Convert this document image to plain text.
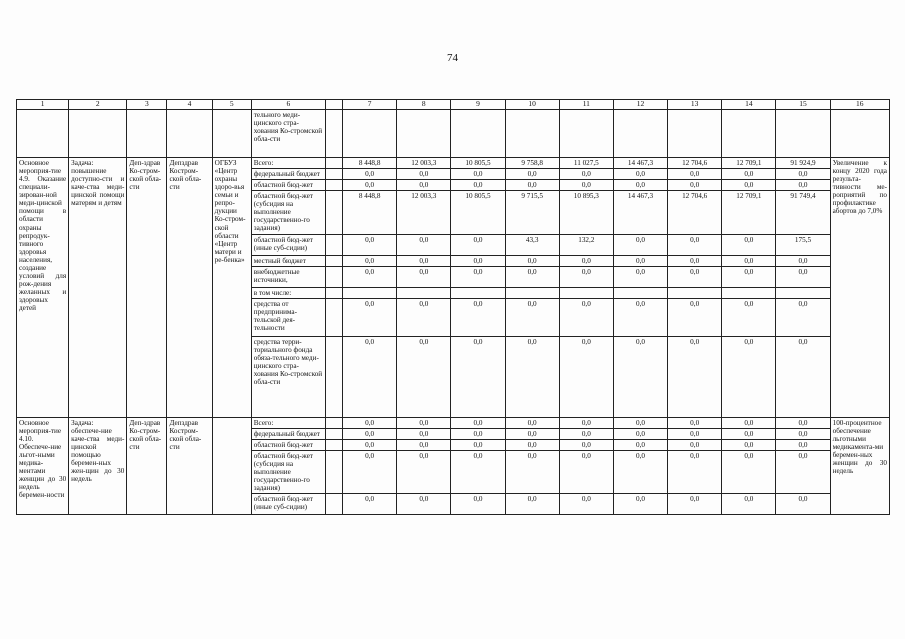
74
1	2	3	4	5	6		7	8	9	10	11	12	13	14	15	16
					тельного меди-цинского стра-хования Ко-стромской обла-сти											
Основное мероприя-тие 4.9. Оказание специали-зирован-ной меди-цинской помощи в области охраны репродук-тивного здоровья населения, создание условий для рож-дения желанных и здоровых детей	Задача: повышение доступно-сти и каче-ства меди-цинской помощи матерям и детям	Деп-здрав Ко-стром-ской обла-сти	Депздрав Костром-ской обла-сти	ОГБУЗ «Центр охраны здоро-вья семьи и репро-дукции Ко-стром-ской области «Центр матери и ре-бенка»	Всего:		8 448,8	12 003,3	10 805,5	9 758,8	11 027,5	14 467,3	12 704,6	12 709,1	91 924,9	Увеличение к концу 2020 года результа-тивности ме-роприятий по профилактике абортов до 7,0%
					федеральный бюджет		0,0	0,0	0,0	0,0	0,0	0,0	0,0	0,0	0,0	
					областной бюд-жет		0,0	0,0	0,0	0,0	0,0	0,0	0,0	0,0	0,0	
					областной бюд-жет (субсидия на выполнение государственно-го задания)		8 448,8	12 003,3	10 805,5	9 715,5	10 895,3	14 467,3	12 704,6	12 709,1	91 749,4	
					областной бюд-жет (иные суб-сидии)		0,0	0,0	0,0	43,3	132,2	0,0	0,0	0,0	175,5	
					местный бюджет		0,0	0,0	0,0	0,0	0,0	0,0	0,0	0,0	0,0	
					внебюджетные источники,		0,0	0,0	0,0	0,0	0,0	0,0	0,0	0,0	0,0	
					в том числе:											
					средства от предпринима-тельской дея-тельности		0,0	0,0	0,0	0,0	0,0	0,0	0,0	0,0	0,0	
					средства терри-ториального фонда обяза-тельного меди-цинского стра-хования Ко-стромской обла-сти		0,0	0,0	0,0	0,0	0,0	0,0	0,0	0,0	0,0	
Основное мероприя-тие 4.10. Обеспече-ние льгот-ными медика-ментами женщин до 30 недель беремен-ности	Задача: обеспече-ние каче-ства меди-цинской помощью беремен-ных жен-щин до 30 недель	Деп-здрав Ко-стром-ской обла-сти	Депздрав Костром-ской обла-сти		Всего:		0,0	0,0	0,0	0,0	0,0	0,0	0,0	0,0	0,0	100-процентное обеспечение льготными медикамента-ми беремен-ных женщин до 30 недель
					федеральный бюджет		0,0	0,0	0,0	0,0	0,0	0,0	0,0	0,0	0,0	
					областной бюд-жет		0,0	0,0	0,0	0,0	0,0	0,0	0,0	0,0	0,0	
					областной бюд-жет (субсидия на выполнение государственно-го задания)		0,0	0,0	0,0	0,0	0,0	0,0	0,0	0,0	0,0	
					областной бюд-жет (иные суб-сидии)		0,0	0,0	0,0	0,0	0,0	0,0	0,0	0,0	0,0	
